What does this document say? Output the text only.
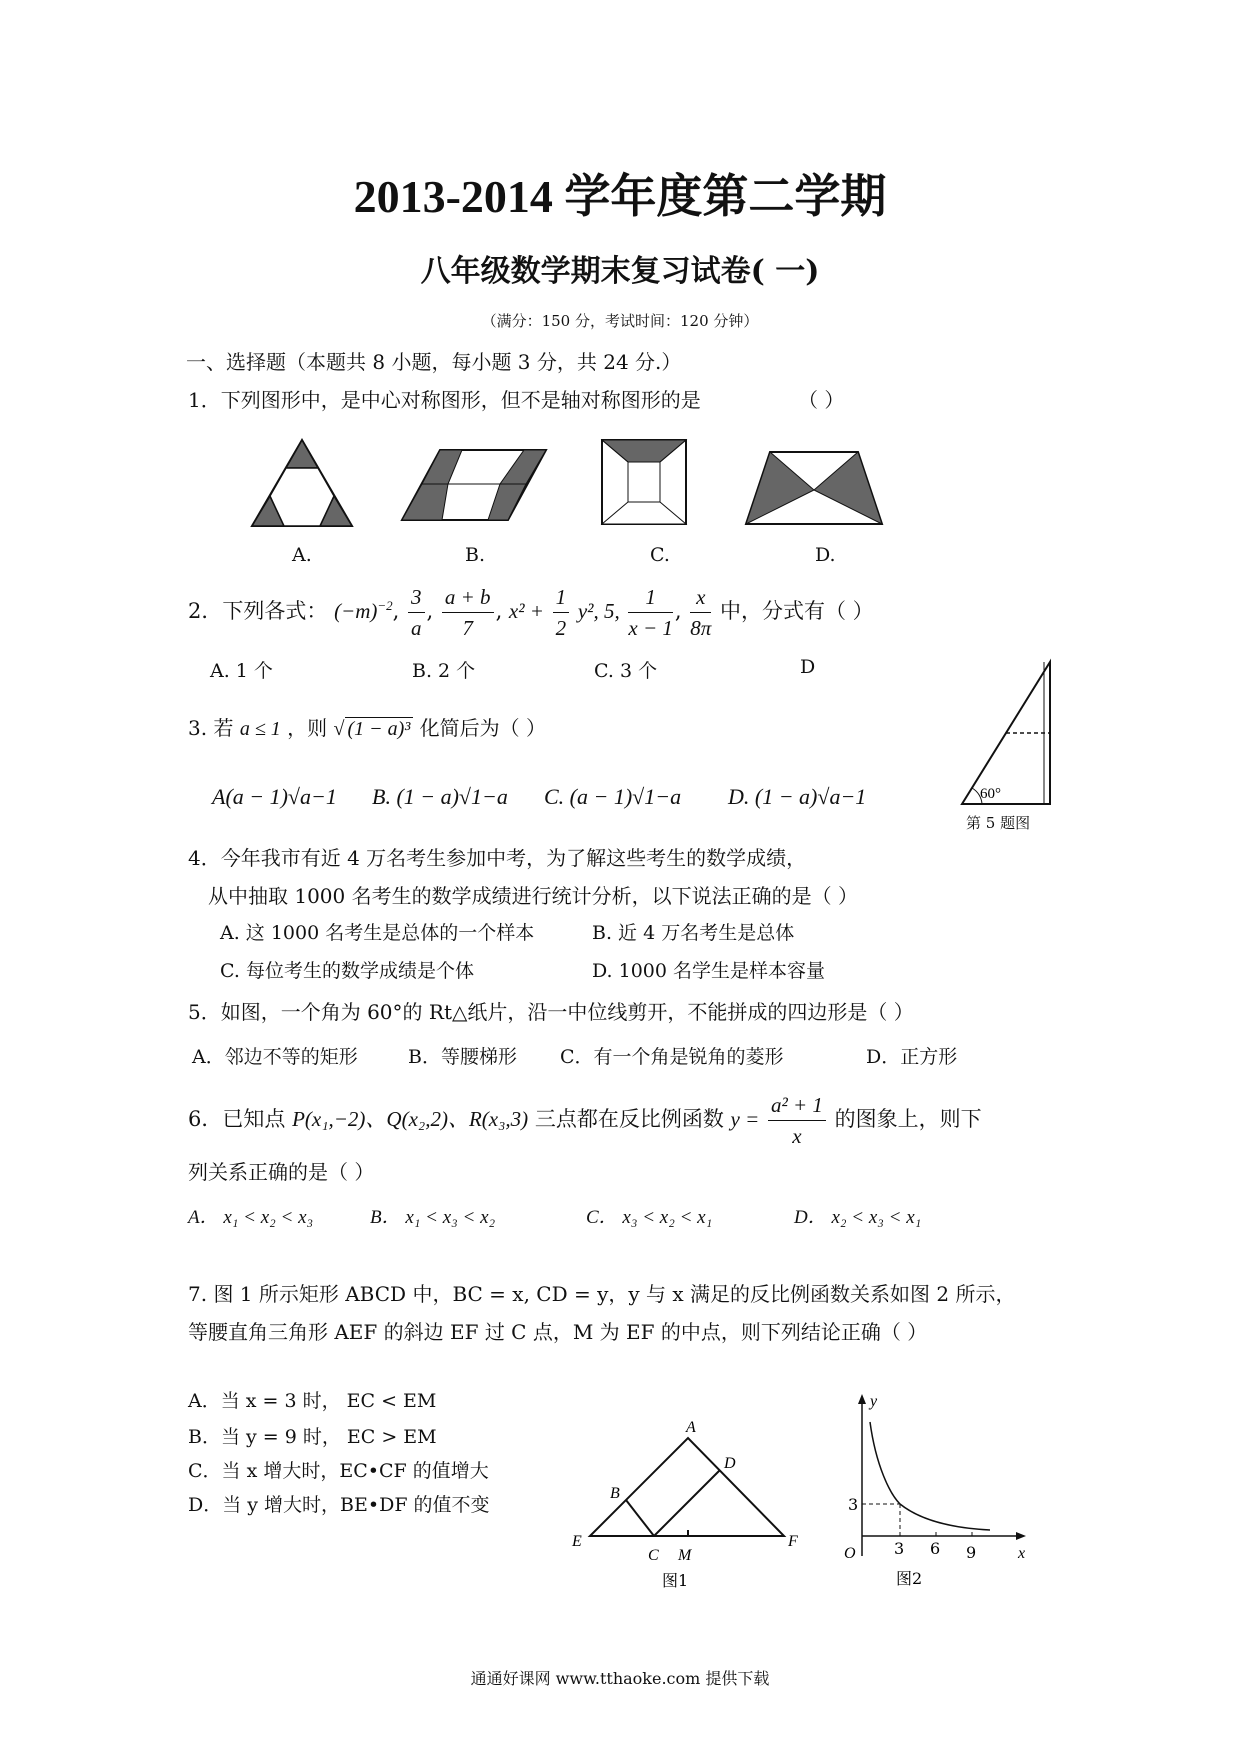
2013-2014 学年度第二学期
八年级数学期末复习试卷( 一)
（满分：150 分，考试时间：120 分钟）
一、选择题（本题共 8 小题，每小题 3 分，共 24 分.）
1．下列图形中，是中心对称图形，但不是轴对称图形的是	（ ）
A.	B.	C.	D.
2．下列各式： $(-m)^{-2}$, $\frac{3}{a}$ , $\frac{a + b}{7}$ , $x^2 + \frac{1}{2} y^2$, 5, $\frac{1}{x - 1}$ , $\frac{x}{8\pi}$ 中，分式有（ ）
A. 1 个	B. 2 个	C. 3 个	D
3. 若 a ≤ 1 ，则 √ (1 − a)³ 化简后为（ ）
A(a − 1)√a−1 B. (1 − a)√1−a C. (a − 1)√1−a D. (1 − a)√a−1	60°
第 5 题图
4．今年我市有近 4 万名考生参加中考，为了解这些考生的数学成绩，
从中抽取 1000 名考生的数学成绩进行统计分析，以下说法正确的是（ ）
A. 这 1000 名考生是总体的一个样本	B. 近 4 万名考生是总体
C. 每位考生的数学成绩是个体	D. 1000 名学生是样本容量
5．如图，一个角为 60°的 Rt△纸片，沿一中位线剪开，不能拼成的四边形是（ ）
A．邻边不等的矩形	B．等腰梯形 C．有一个角是锐角的菱形	D．正方形
6．已知点 P(x₁,−2)、Q(x₂,2)、R(x₃,3) 三点都在反比例函数 $y = \frac{\text{a² + 1}}{x}$ 的图象上，则下
列关系正确的是（ ）
A． x₁ < x₂ < x₃	B． x₁ < x₃ < x₂	C． x₃ < x₂ < x₁	D． x₂ < x₃ < x₁
7. 图 1 所示矩形 ABCD 中，BC = x, CD = y，y 与 x 满足的反比例函数关系如图 2 所示，
等腰直角三角形 AEF 的斜边 EF 过 C 点，M 为 EF 的中点，则下列结论正确（ ）
A．当 x = 3 时， EC < EM
B．当 y = 9 时， EC > EM
C．当 x 增大时，EC•CF 的值增大
D．当 y 增大时，BE•DF 的值不变
A
B
D
E	F
C M
图1
y
x
O 3 6 9
3
图2
通通好课网 www.tthaoke.com 提供下载
